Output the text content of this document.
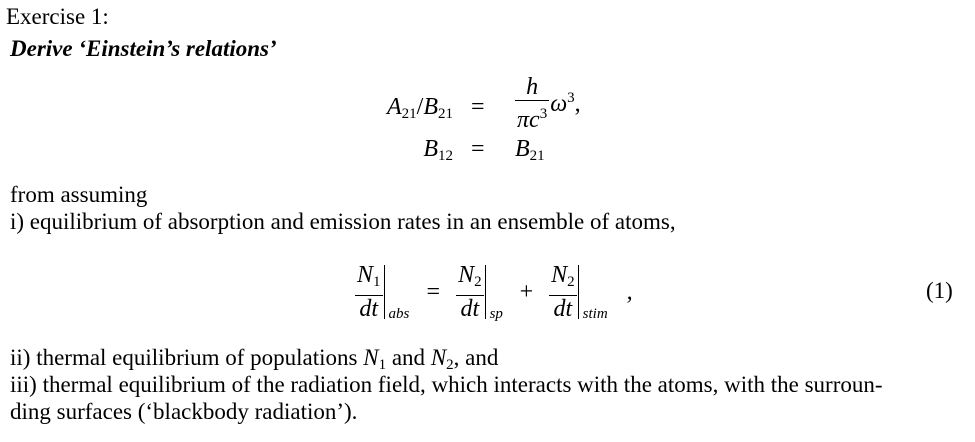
Exercise 1:
Derive ‘Einstein’s relations’
$A_{21}/B_{21} = \frac{h}{\pi c^3} \omega^3$,
$B_{12} = B_{21}$
from assuming
i) equilibrium of absorption and emission rates in an ensemble of atoms,
$\frac{N_1}{dt}$ abs
= $\frac{N_2}{dt}$ sp
+ $\frac{N_2}{dt}$ stim
,	(1)
ii) thermal equilibrium of populations $N_1$ and $N_2$, and
iii) thermal equilibrium of the radiation field, which interacts with the atoms, with the surroun-
ding surfaces (‘blackbody radiation’).
